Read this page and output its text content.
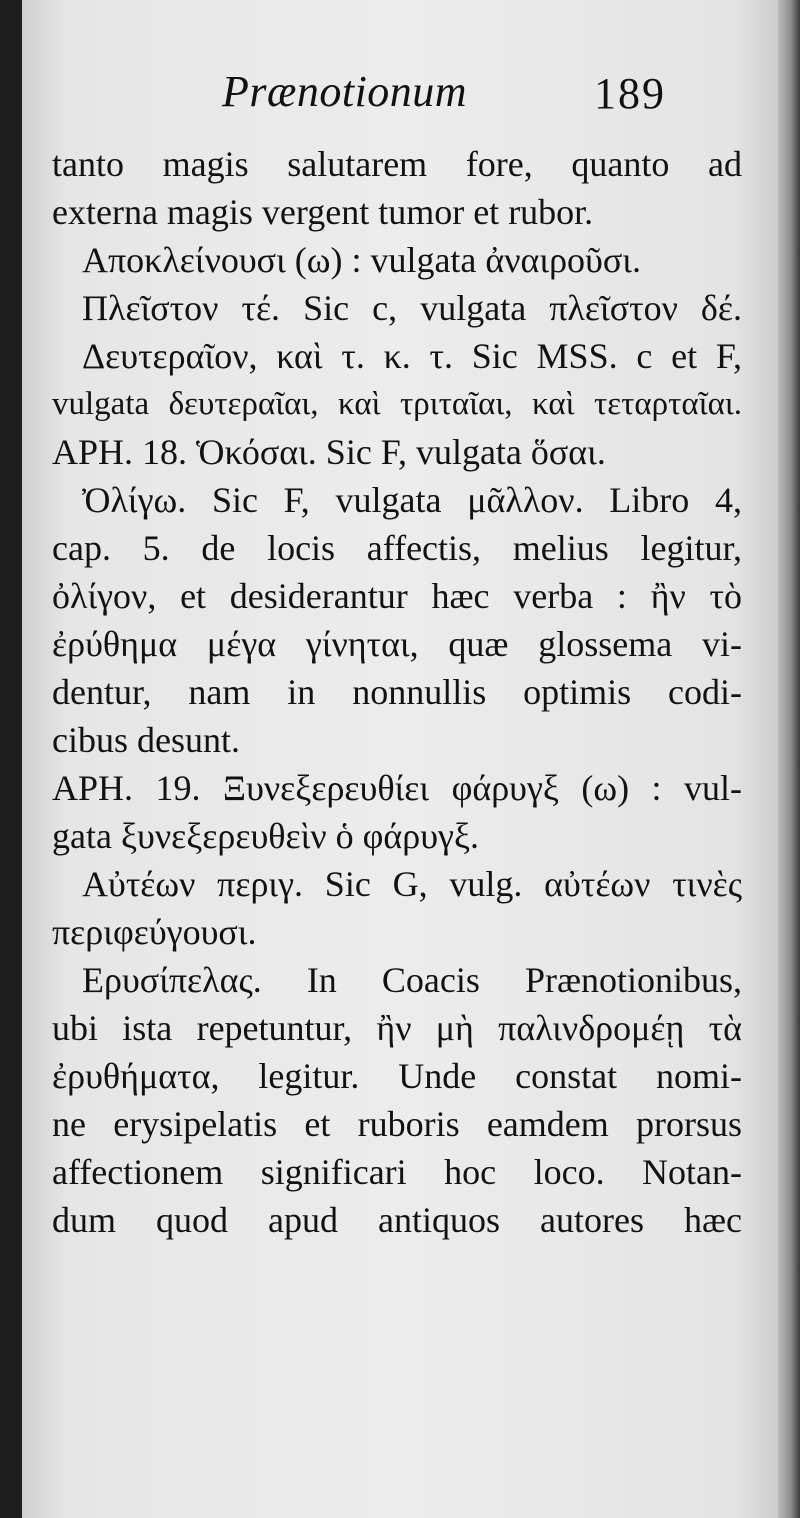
Prænotionum	189
tanto magis salutarem fore, quanto ad
externa magis vergent tumor et rubor.
Αποκλείνουσι (ω) : vulgata ἀναιροῦσι.
Πλεῖστον τέ. Sic c, vulgata πλεῖστον δέ.
Δευτεραῖον, καὶ τ. κ. τ. Sic MSS. c et F,
vulgata δευτεραῖαι, καὶ τριταῖαι, καὶ τεταρταῖαι.
APH. 18. Ὁκόσαι. Sic F, vulgata ὅσαι.
Ὀλίγω. Sic F, vulgata μᾶλλον. Libro 4,
cap. 5. de locis affectis, melius legitur,
ὀλίγον, et desiderantur hæc verba : ἢν τὸ
ἐρύθημα μέγα γίνηται, quæ glossema vi-
dentur, nam in nonnullis optimis codi-
cibus desunt.
APH. 19. Ξυνεξερευθίει φάρυγξ (ω) : vul-
gata ξυνεξερευθεὶν ὁ φάρυγξ.
Αὐτέων περιγ. Sic G, vulg. αὐτέων τινὲς
περιφεύγουσι.
Ερυσίπελας. In Coacis Prænotionibus,
ubi ista repetuntur, ἢν μὴ παλινδρομέῃ τὰ
ἐρυθήματα, legitur. Unde constat nomi-
ne erysipelatis et ruboris eamdem prorsus
affectionem significari hoc loco. Notan-
dum quod apud antiquos autores hæc
